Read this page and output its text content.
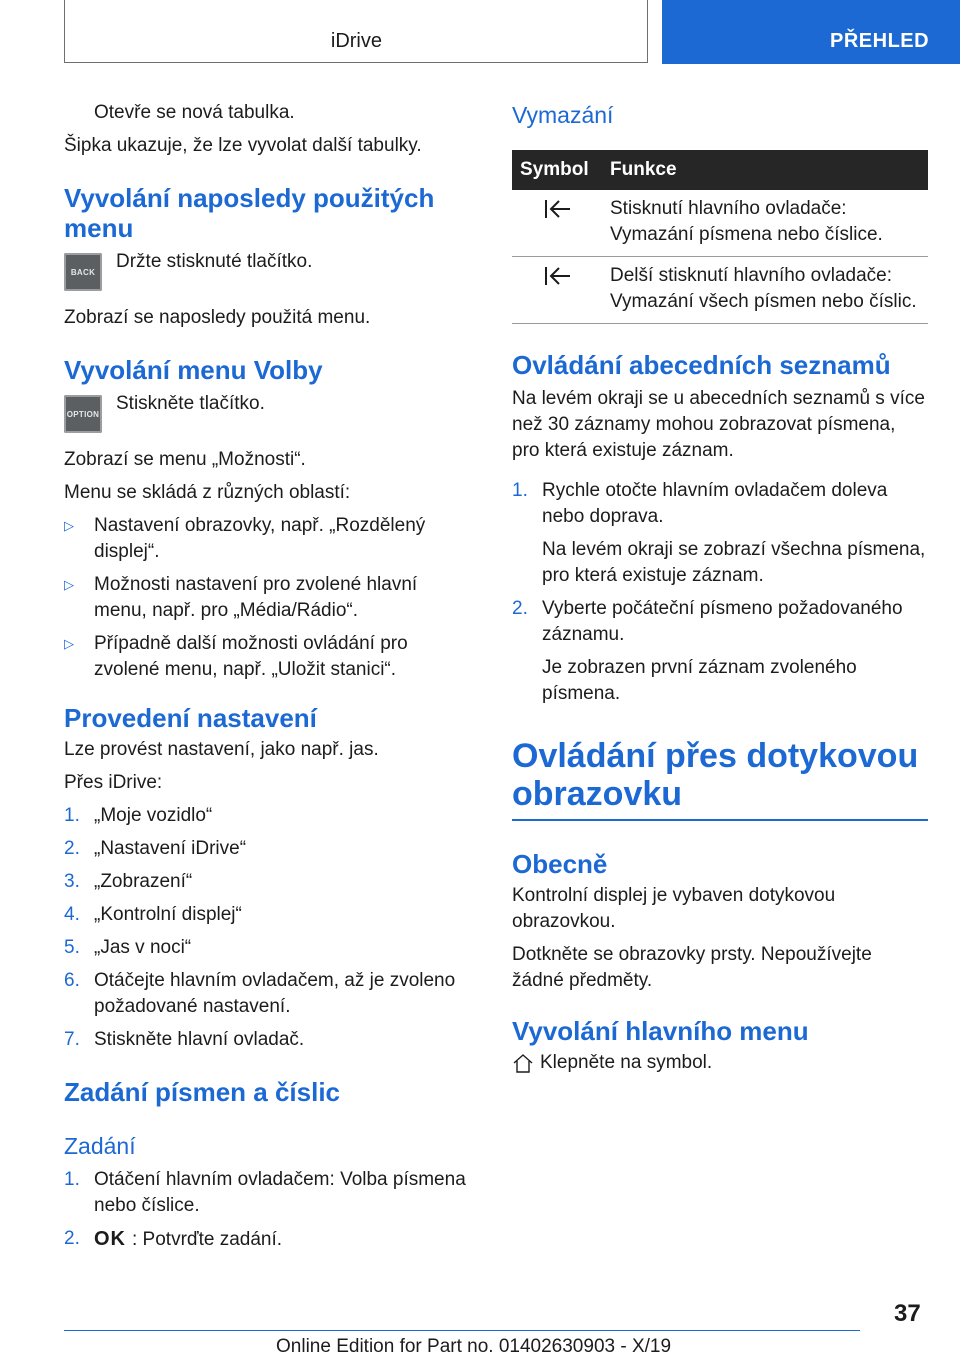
iDrive	PŘEHLED

Otevře se nová tabulka.

Šipka ukazuje, že lze vyvolat další tabulky.

Vyvolání naposledy použitých menu
BACK	Držte stisknuté tlačítko.

Zobrazí se naposledy použitá menu.

Vyvolání menu Volby
OPTION Stiskněte tlačítko.

Zobrazí se menu „Možnosti“.

Menu se skládá z různých oblastí:

▷ Nastavení obrazovky, např. „Rozdělený displej“.
▷ Možnosti nastavení pro zvolené hlavní menu, např. pro „Média/Rádio“.
▷ Případně další možnosti ovládání pro zvolené menu, např. „Uložit stanici“.
Provedení nastavení

Lze provést nastavení, jako např. jas.

Přes iDrive:

1. „Moje vozidlo“
2. „Nastavení iDrive“
3. „Zobrazení“
4. „Kontrolní displej“
5. „Jas v noci“
6. Otáčejte hlavním ovladačem, až je zvoleno požadované nastavení.
7. Stiskněte hlavní ovladač.
Zadání písmen a číslic
Zadání
1. Otáčení hlavním ovladačem: Volba písmena nebo číslice.
2. OK : Potvrďte zadání.
Vymazání
Symbol	Funkce
	Stisknutí hlavního ovladače: Vymazání písmena nebo číslice.
	Delší stisknutí hlavního ovladače: Vymazání všech písmen nebo číslic.
Ovládání abecedních seznamů

Na levém okraji se u abecedních seznamů s více než 30 záznamy mohou zobrazovat písmena, pro která existuje záznam.

1. Rychle otočte hlavním ovladačem doleva nebo doprava.
Na levém okraji se zobrazí všechna písmena, pro která existuje záznam.
2. Vyberte počáteční písmeno požadovaného záznamu.
Je zobrazen první záznam zvoleného písmena.
Ovládání přes dotykovou obrazovku
Obecně

Kontrolní displej je vybaven dotykovou obrazovkou.

Dotkněte se obrazovky prsty. Nepoužívejte žádné předměty.

Vyvolání hlavního menu
Klepněte na symbol.
37
Online Edition for Part no. 01402630903 - X/19
